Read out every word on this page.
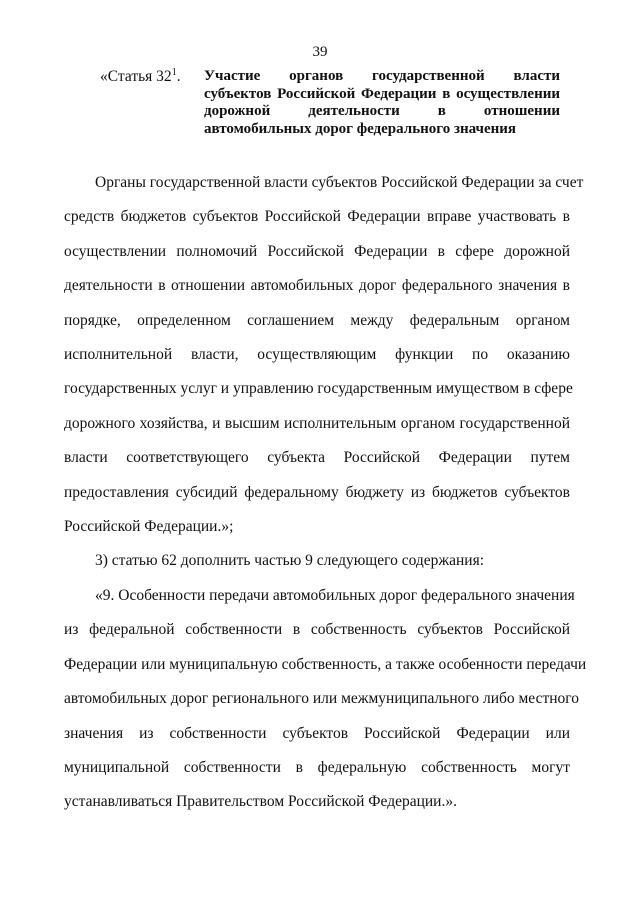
39
«Статья $32^1$.	Участие органов государственной власти
субъектов Российской Федерации в осуществлении
дорожной деятельности в отношении
автомобильных дорог федерального значения
Органы государственной власти субъектов Российской Федерации за счет
средств бюджетов субъектов Российской Федерации вправе участвовать в
осуществлении полномочий Российской Федерации в сфере дорожной
деятельности в отношении автомобильных дорог федерального значения в
порядке, определенном соглашением между федеральным органом
исполнительной власти, осуществляющим функции по оказанию
государственных услуг и управлению государственным имуществом в сфере
дорожного хозяйства, и высшим исполнительным органом государственной
власти соответствующего субъекта Российской Федерации путем
предоставления субсидий федеральному бюджету из бюджетов субъектов
Российской Федерации.»;
3) статью 62 дополнить частью 9 следующего содержания:
«9. Особенности передачи автомобильных дорог федерального значения
из федеральной собственности в собственность субъектов Российской
Федерации или муниципальную собственность, а также особенности передачи
автомобильных дорог регионального или межмуниципального либо местного
значения из собственности субъектов Российской Федерации или
муниципальной собственности в федеральную собственность могут
устанавливаться Правительством Российской Федерации.».
